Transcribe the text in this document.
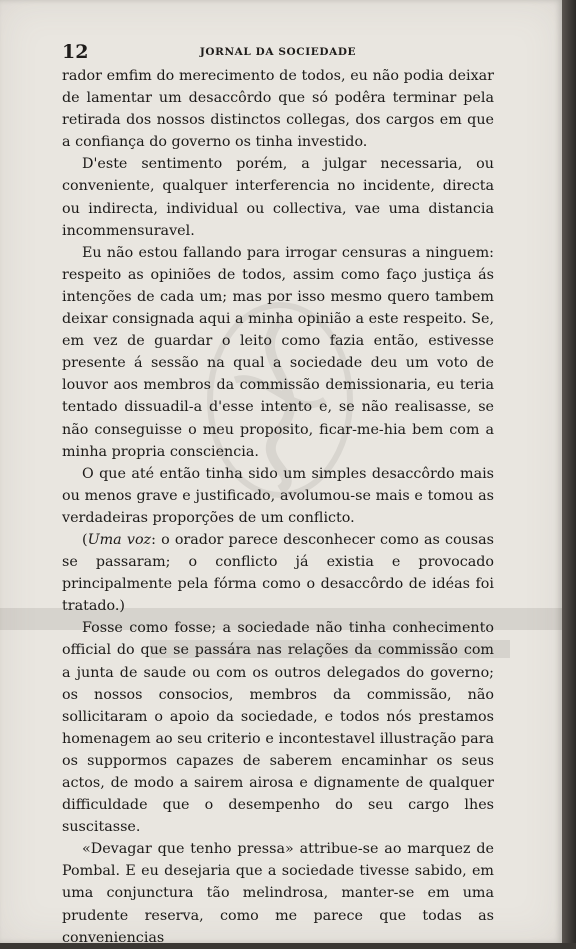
12	JORNAL DA SOCIEDADE

rador emfim do merecimento de todos, eu não podia deixar de lamentar um desaccôrdo que só podêra terminar pela retirada dos nossos distinctos collegas, dos cargos em que a confiança do governo os tinha investido.

D'este sentimento porém, a julgar necessaria, ou conveniente, qualquer interferencia no incidente, directa ou indirecta, individual ou collectiva, vae uma distancia incommensuravel.

Eu não estou fallando para irrogar censuras a ninguem: respeito as opiniões de todos, assim como faço justiça ás intenções de cada um; mas por isso mesmo quero tambem deixar consignada aqui a minha opinião a este respeito. Se, em vez de guardar o leito como fazia então, estivesse presente á sessão na qual a sociedade deu um voto de louvor aos membros da commissão demissionaria, eu teria tentado dissuadil-a d'esse intento e, se não realisasse, se não conseguisse o meu proposito, ficar-me-hia bem com a minha propria consciencia.

O que até então tinha sido um simples desaccôrdo mais ou menos grave e justificado, avolumou-se mais e tomou as verdadeiras proporções de um conflicto.

(Uma voz: o orador parece desconhecer como as cousas se passaram; o conflicto já existia e provocado principalmente pela fórma como o desaccôrdo de idéas foi tratado.)

Fosse como fosse; a sociedade não tinha conhecimento official do que se passára nas relações da commissão com a junta de saude ou com os outros delegados do governo; os nossos consocios, membros da commissão, não sollicitaram o apoio da sociedade, e todos nós prestamos homenagem ao seu criterio e incontestavel illustração para os suppormos capazes de saberem encaminhar os seus actos, de modo a sairem airosa e dignamente de qualquer difficuldade que o desempenho do seu cargo lhes suscitasse.

«Devagar que tenho pressa» attribue-se ao marquez de Pombal. E eu desejaria que a sociedade tivesse sabido, em uma conjunctura tão melindrosa, manter-se em uma prudente reserva, como me parece que todas as conveniencias
